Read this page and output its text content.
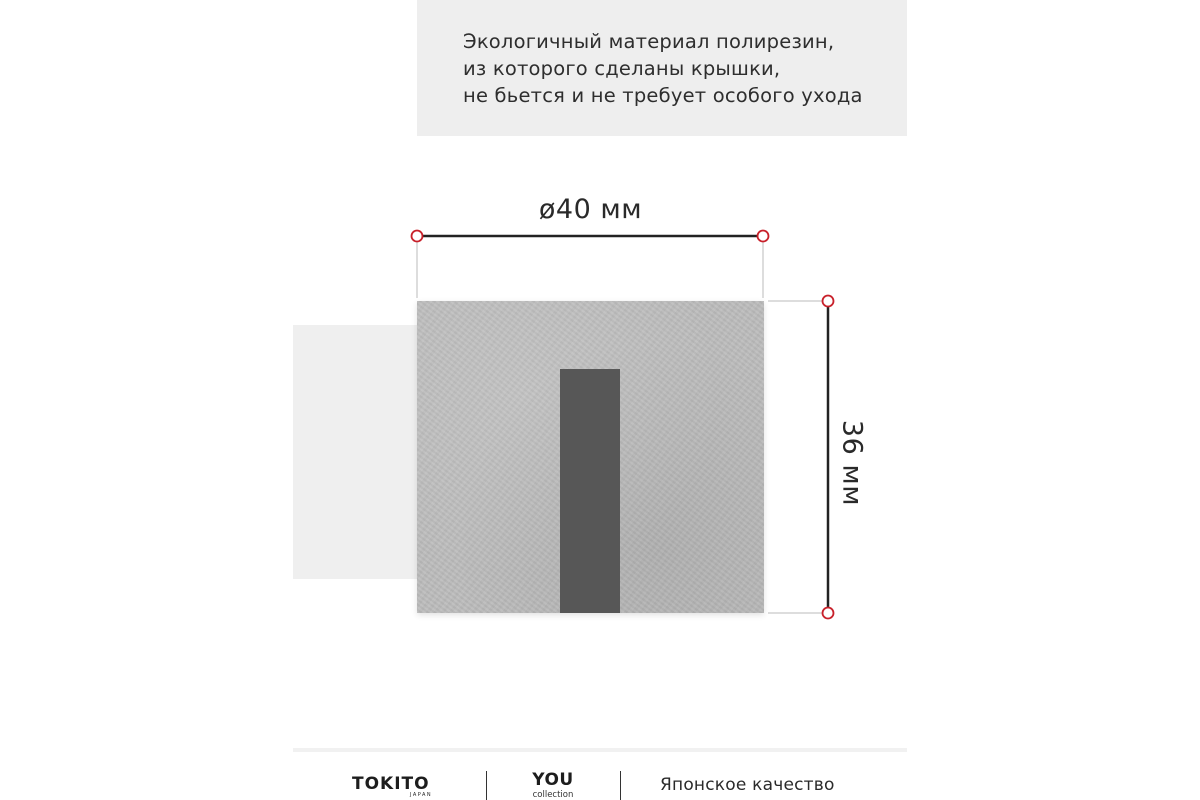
Экологичный материал полирезин,
из которого сделаны крышки,
не бьется и не требует особого ухода
ø40 мм
36 мм
TOKITO
JAPAN
YOU
collection	Японское качество
